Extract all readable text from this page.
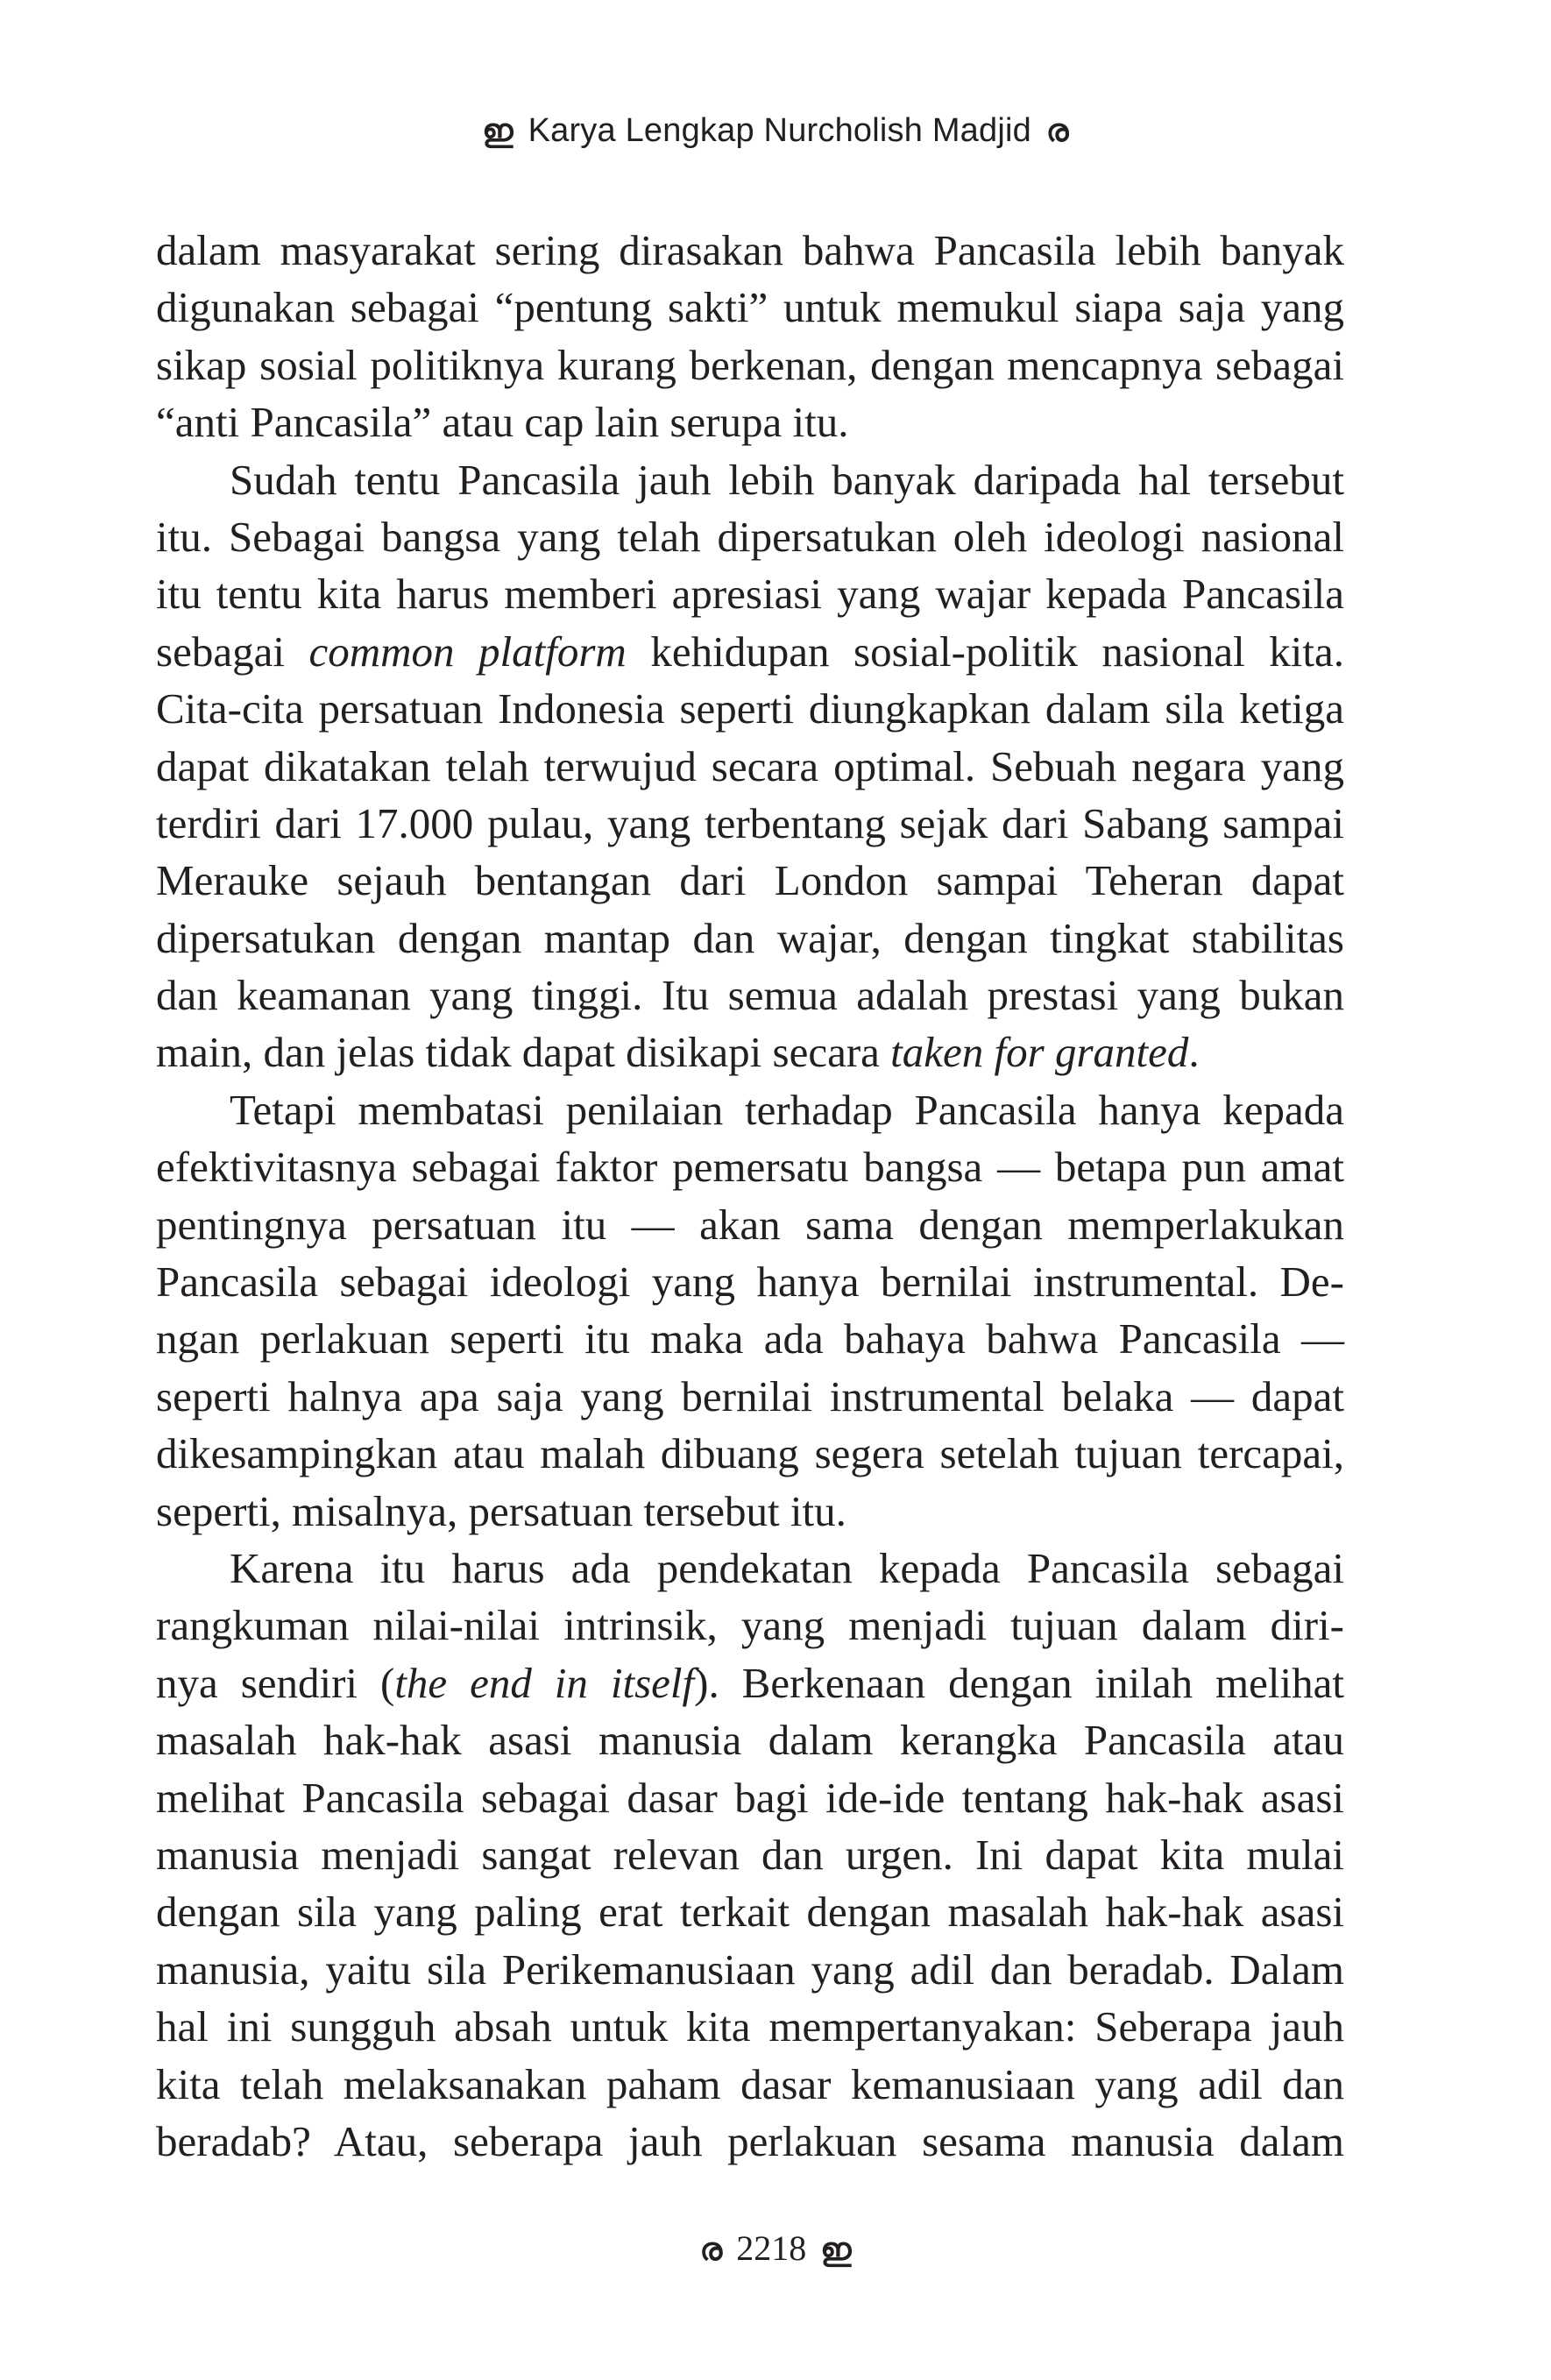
ഇ Karya Lengkap Nurcholish Madjid ര
dalam masyarakat sering dirasakan bahwa Pancasila lebih banyak
digunakan sebagai “pentung sakti” untuk memukul siapa saja yang
sikap sosial politiknya kurang berkenan, dengan mencapnya sebagai
“anti Pancasila” atau cap lain serupa itu.
Sudah tentu Pancasila jauh lebih banyak daripada hal tersebut
itu. Sebagai bangsa yang telah dipersatukan oleh ideologi nasional
itu tentu kita harus memberi apresiasi yang wajar kepada Pancasila
sebagai common platform kehidupan sosial-politik nasional kita.
Cita-cita persatuan Indonesia seperti diungkapkan dalam sila ketiga
dapat dikatakan telah terwujud secara optimal. Sebuah negara yang
terdiri dari 17.000 pulau, yang terbentang sejak dari Sabang sampai
Merauke sejauh bentangan dari London sampai Teheran dapat
dipersatukan dengan mantap dan wajar, dengan tingkat stabilitas
dan keamanan yang tinggi. Itu semua adalah prestasi yang bukan
main, dan jelas tidak dapat disikapi secara taken for granted.
Tetapi membatasi penilaian terhadap Pancasila hanya kepada
efektivitasnya sebagai faktor pemersatu bangsa — betapa pun amat
pentingnya persatuan itu — akan sama dengan memperlakukan
Pancasila sebagai ideologi yang hanya bernilai instrumental. De-
ngan perlakuan seperti itu maka ada bahaya bahwa Pancasila —
seperti halnya apa saja yang bernilai instrumental belaka — dapat
dikesampingkan atau malah dibuang segera setelah tujuan tercapai,
seperti, misalnya, persatuan tersebut itu.
Karena itu harus ada pendekatan kepada Pancasila sebagai
rangkuman nilai-nilai intrinsik, yang menjadi tujuan dalam diri-
nya sendiri (the end in itself). Berkenaan dengan inilah melihat
masalah hak-hak asasi manusia dalam kerangka Pancasila atau
melihat Pancasila sebagai dasar bagi ide-ide tentang hak-hak asasi
manusia menjadi sangat relevan dan urgen. Ini dapat kita mulai
dengan sila yang paling erat terkait dengan masalah hak-hak asasi
manusia, yaitu sila Perikemanusiaan yang adil dan beradab. Dalam
hal ini sungguh absah untuk kita mempertanyakan: Seberapa jauh
kita telah melaksanakan paham dasar kemanusiaan yang adil dan
beradab? Atau, seberapa jauh perlakuan sesama manusia dalam
ര 2218 ഇ
